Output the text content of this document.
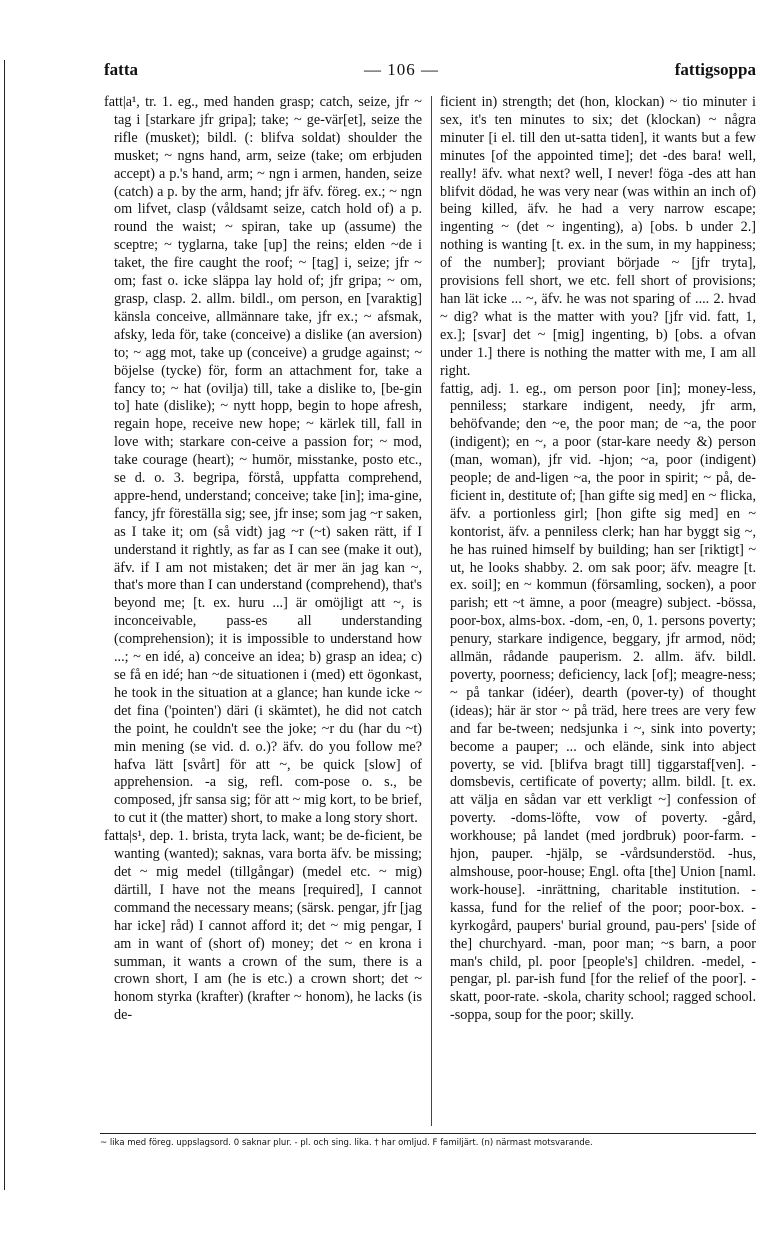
fatta	— 106 —	fattigsoppa

fatt|a¹, tr. 1. eg., med handen grasp; catch, seize, jfr ~ tag i [starkare jfr gripa]; take; ~ ge-vär[et], seize the rifle (musket); bildl. (: blifva soldat) shoulder the musket; ~ ngns hand, arm, seize (take; om erbjuden accept) a p.'s hand, arm; ~ ngn i armen, handen, seize (catch) a p. by the arm, hand; jfr äfv. föreg. ex.; ~ ngn om lifvet, clasp (våldsamt seize, catch hold of) a p. round the waist; ~ spiran, take up (assume) the sceptre; ~ tyglarna, take [up] the reins; elden ~de i taket, the fire caught the roof; ~ [tag] i, seize; jfr ~ om; fast o. icke släppa lay hold of; jfr gripa; ~ om, grasp, clasp. 2. allm. bildl., om person, en [varaktig] känsla conceive, allmännare take, jfr ex.; ~ afsmak, afsky, leda för, take (conceive) a dislike (an aversion) to; ~ agg mot, take up (conceive) a grudge against; ~ böjelse (tycke) för, form an attachment for, take a fancy to; ~ hat (ovilja) till, take a dislike to, [be-gin to] hate (dislike); ~ nytt hopp, begin to hope afresh, regain hope, receive new hope; ~ kärlek till, fall in love with; starkare con-ceive a passion for; ~ mod, take courage (heart); ~ humör, misstanke, posto etc., se d. o. 3. begripa, förstå, uppfatta comprehend, appre-hend, understand; conceive; take [in]; ima-gine, fancy, jfr föreställa sig; see, jfr inse; som jag ~r saken, as I take it; om (så vidt) jag ~r (~t) saken rätt, if I understand it rightly, as far as I can see (make it out), äfv. if I am not mistaken; det är mer än jag kan ~, that's more than I can understand (comprehend), that's beyond me; [t. ex. huru ...] är omöjligt att ~, is inconceivable, pass-es all understanding (comprehension); it is impossible to understand how ...; ~ en idé, a) conceive an idea; b) grasp an idea; c) se få en idé; han ~de situationen i (med) ett ögonkast, he took in the situation at a glance; han kunde icke ~ det fina ('pointen') däri (i skämtet), he did not catch the point, he couldn't see the joke; ~r du (har du ~t) min mening (se vid. d. o.)? äfv. do you follow me? hafva lätt [svårt] för att ~, be quick [slow] of apprehension. -a sig, refl. com-pose o. s., be composed, jfr sansa sig; för att ~ mig kort, to be brief, to cut it (the matter) short, to make a long story short.

fatta|s¹, dep. 1. brista, tryta lack, want; be de-ficient, be wanting (wanted); saknas, vara borta äfv. be missing; det ~ mig medel (tillgångar) (medel etc. ~ mig) därtill, I have not the means [required], I cannot command the necessary means; (särsk. pengar, jfr [jag har icke] råd) I cannot afford it; det ~ mig pengar, I am in want of (short of) money; det ~ en krona i summan, it wants a crown of the sum, there is a crown short, I am (he is etc.) a crown short; det ~ honom styrka (krafter) (krafter ~ honom), he lacks (is de-

ficient in) strength; det (hon, klockan) ~ tio minuter i sex, it's ten minutes to six; det (klockan) ~ några minuter [i el. till den ut-satta tiden], it wants but a few minutes [of the appointed time]; det -des bara! well, really! äfv. what next? well, I never! föga -des att han blifvit dödad, he was very near (was within an inch of) being killed, äfv. he had a very narrow escape; ingenting ~ (det ~ ingenting), a) [obs. b under 2.] nothing is wanting [t. ex. in the sum, in my happiness; of the number]; proviant började ~ [jfr tryta], provisions fell short, we etc. fell short of provisions; han lät icke ... ~, äfv. he was not sparing of .... 2. hvad ~ dig? what is the matter with you? [jfr vid. fatt, 1, ex.]; [svar] det ~ [mig] ingenting, b) [obs. a ofvan under 1.] there is nothing the matter with me, I am all right.

fattig, adj. 1. eg., om person poor [in]; money-less, penniless; starkare indigent, needy, jfr arm, behöfvande; den ~e, the poor man; de ~a, the poor (indigent); en ~, a poor (star-kare needy &) person (man, woman), jfr vid. -hjon; ~a, poor (indigent) people; de and-ligen ~a, the poor in spirit; ~ på, de-ficient in, destitute of; [han gifte sig med] en ~ flicka, äfv. a portionless girl; [hon gifte sig med] en ~ kontorist, äfv. a penniless clerk; han har byggt sig ~, he has ruined himself by building; han ser [riktigt] ~ ut, he looks shabby. 2. om sak poor; äfv. meagre [t. ex. soil]; en ~ kommun (församling, socken), a poor parish; ett ~t ämne, a poor (meagre) subject. -bössa, poor-box, alms-box. -dom, -en, 0, 1. persons poverty; penury, starkare indigence, beggary, jfr armod, nöd; allmän, rådande pauperism. 2. allm. äfv. bildl. poverty, poorness; deficiency, lack [of]; meagre-ness; ~ på tankar (idéer), dearth (pover-ty) of thought (ideas); här är stor ~ på träd, here trees are very few and far be-tween; nedsjunka i ~, sink into poverty; become a pauper; ... och elände, sink into abject poverty, se vid. [blifva bragt till] tiggarstaf[ven]. -domsbevis, certificate of poverty; allm. bildl. [t. ex. att välja en sådan var ett verkligt ~] confession of poverty. -doms-löfte, vow of poverty. -gård, workhouse; på landet (med jordbruk) poor-farm. -hjon, pauper. -hjälp, se -vårdsunderstöd. -hus, almshouse, poor-house; Engl. ofta [the] Union [naml. work-house]. -inrättning, charitable institution. -kassa, fund for the relief of the poor; poor-box. -kyrkogård, paupers' burial ground, pau-pers' [side of the] churchyard. -man, poor man; ~s barn, a poor man's child, pl. poor [people's] children. -medel, -pengar, pl. par-ish fund [for the relief of the poor]. -skatt, poor-rate. -skola, charity school; ragged school. -soppa, soup for the poor; skilly.

~ lika med föreg. uppslagsord. 0 saknar plur. - pl. och sing. lika. † har omljud. F familjärt. (n) närmast motsvarande.
